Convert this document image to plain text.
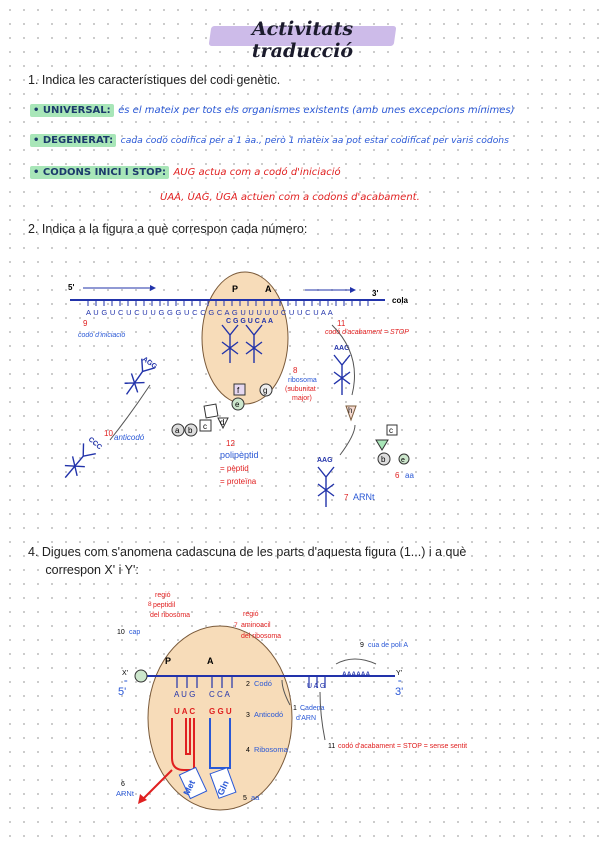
Activitats traducció
1. Indica les característiques del codi genètic.
• UNIVERSAL: és el mateix per tots els organismes existents (amb unes excepcions mínimes)
• DEGENERAT: cada codó codifica per a 1 aa., però 1 mateix aa pot estar codificat per varis codons
• CODONS INICI I STOP: AUG actua com a codó d'iniciació
UAA, UAG, UGA actuen com a codons d'acabament.
2. Indica a la figura a què correspon cada número:
A U G U C U C U U G G G U C C G C A G U U U U U C U U C U A A
C G G U C A A
5'
3'
cola
P	A
9
codó d'iniciació
11
codó d'acabament = STOP
AAG
h
8
ribosoma
(subunitat
major)
AGG
10 anticodó
CCC
a b c d
e
f	g
12
polipèptid
= pèptid
= proteïna
AAG
7 ARNt
c
b e
6 aa
A U G C C A
U A C G G U
U A G
AAAAAA
Met Gln
P	A
8
regió
peptidil
del ribosoma
7
regió
aminoacil
del ribosoma
10 cap
9 cua de poli A
X'
=
5'
Y'
=
3'
2 Codó
3 Anticodó
1 Cadena
d'ARN
4 Ribosoma	11 codó d'acabament = STOP = sense sentit
6
ARNt
5 aa
4. Digues com s'anomena cadascuna de les parts d'aquesta figura (1...) i a què
correspon X' i Y':
